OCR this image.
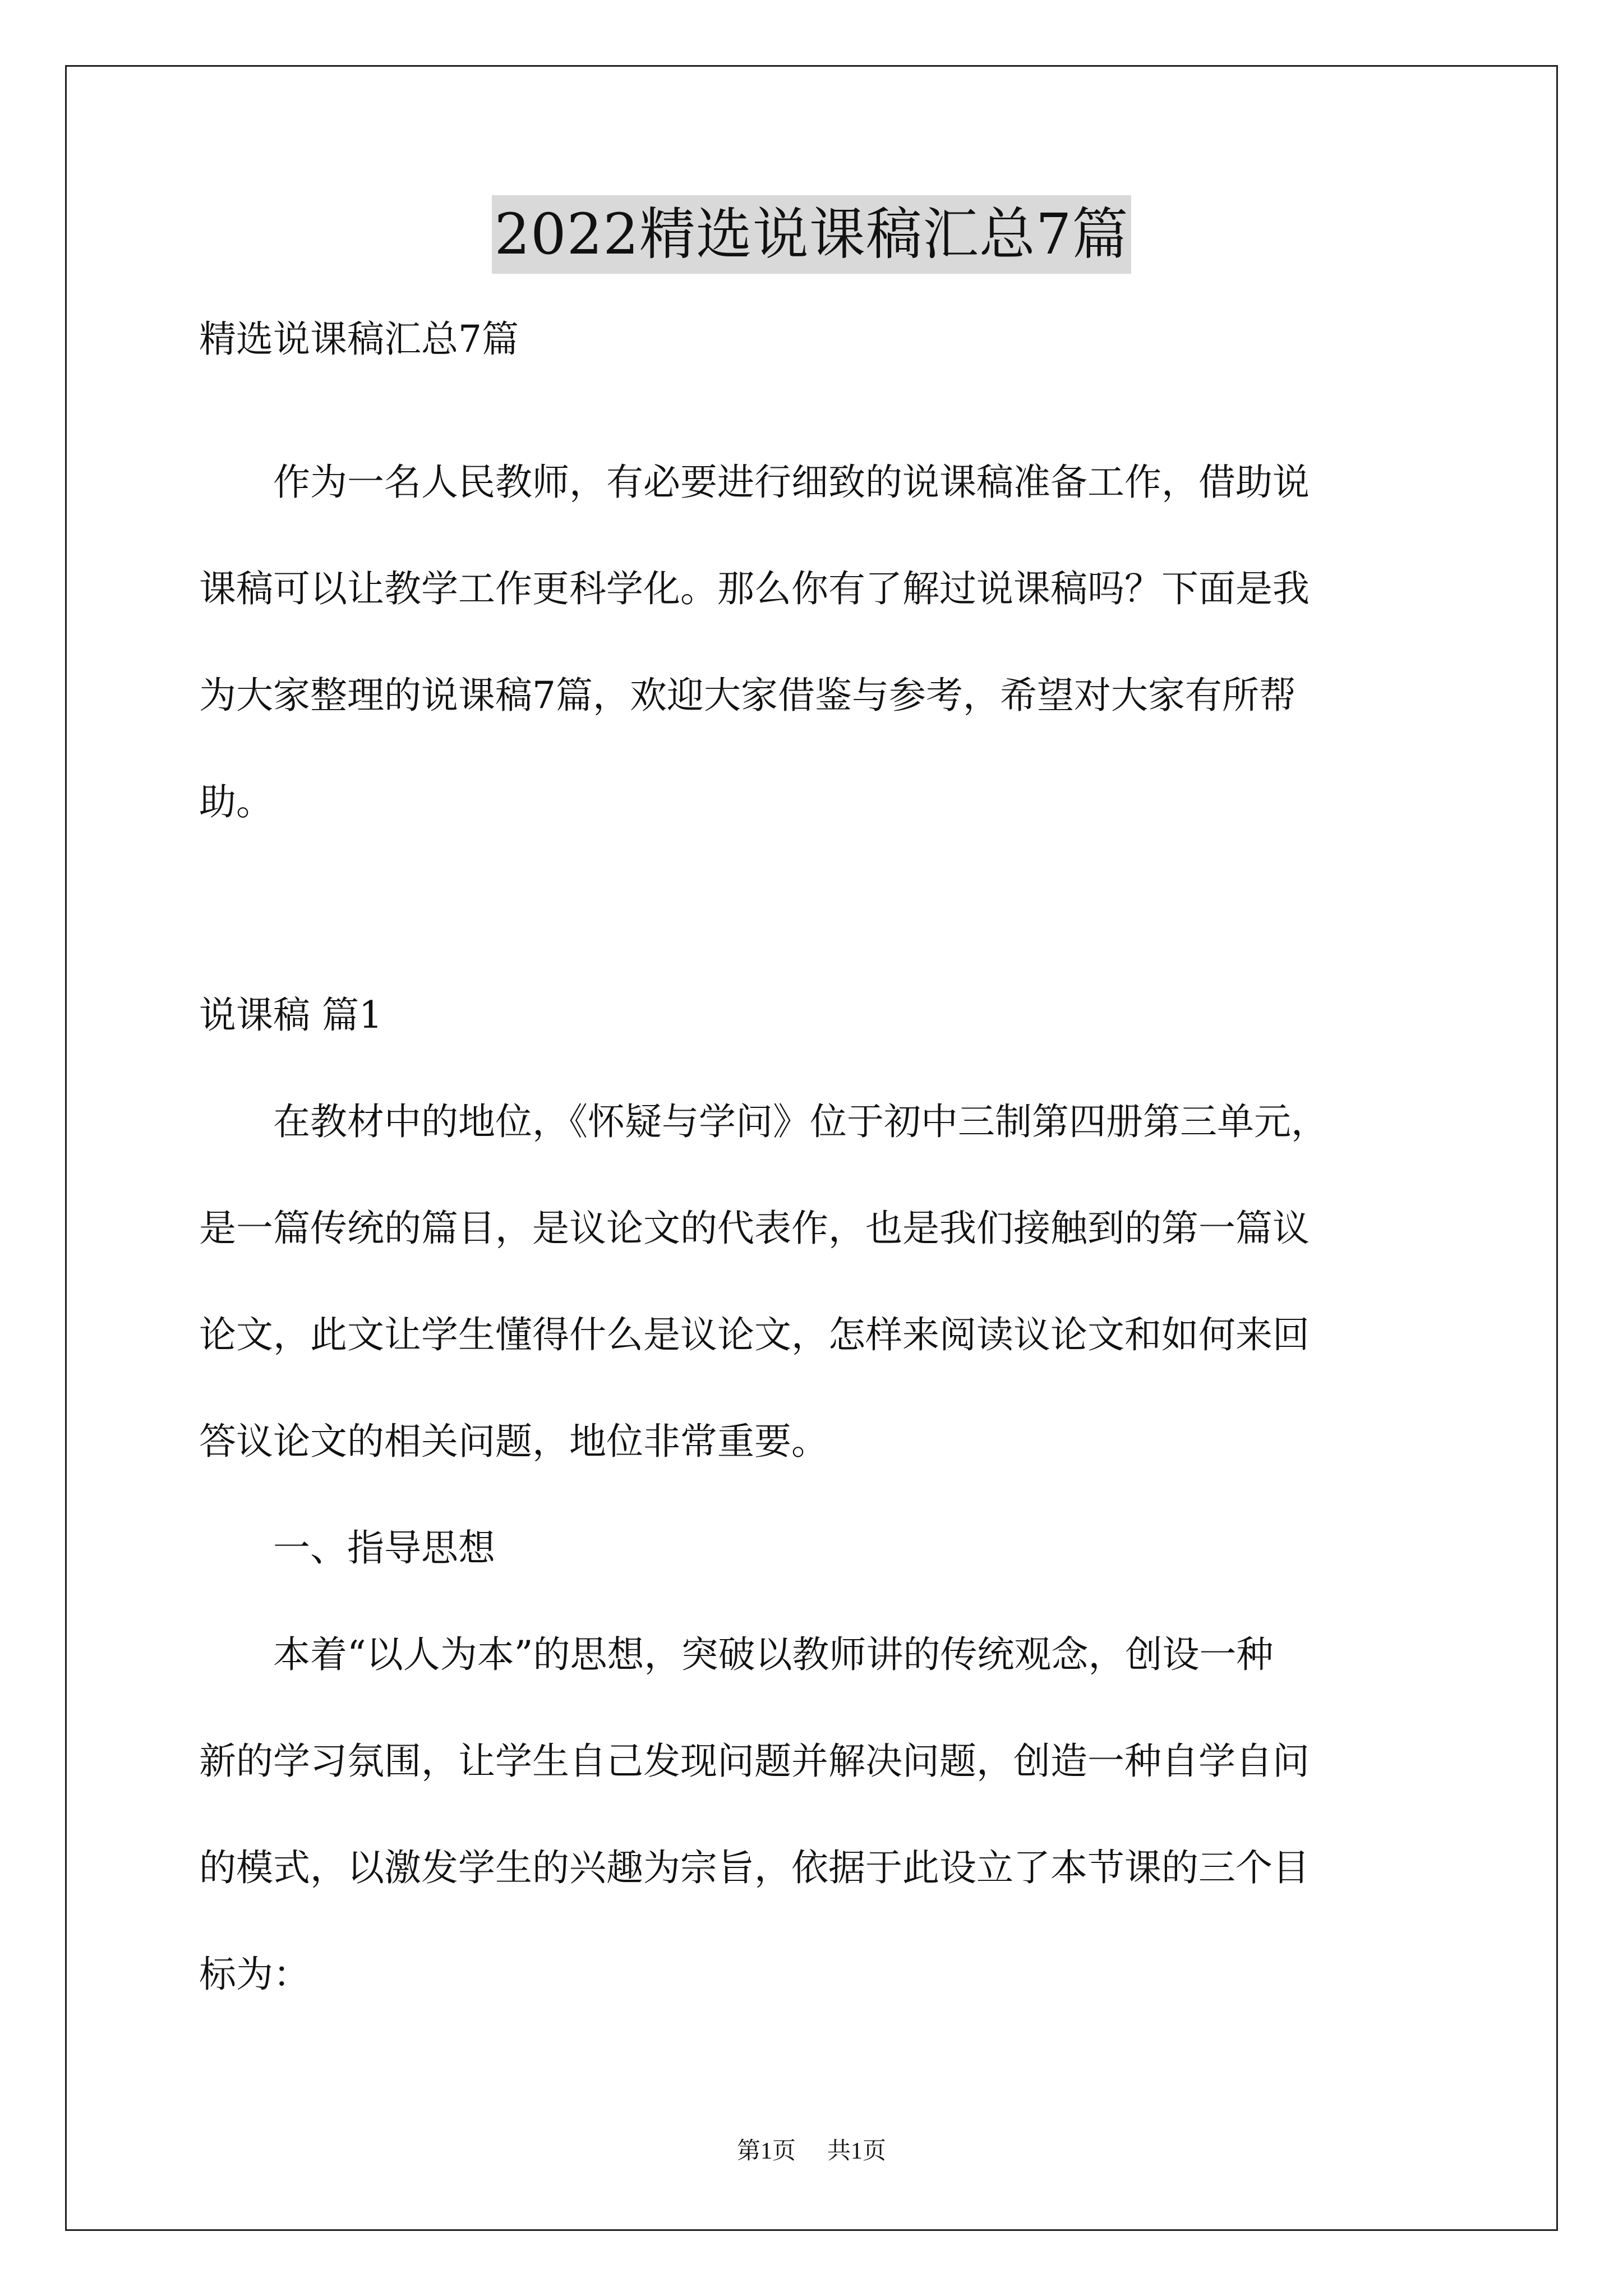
2022精选说课稿汇总7篇
精选说课稿汇总7篇
　　作为一名人民教师，有必要进行细致的说课稿准备工作，借助说
课稿可以让教学工作更科学化。那么你有了解过说课稿吗？下面是我
为大家整理的说课稿7篇，欢迎大家借鉴与参考，希望对大家有所帮
助。
说课稿 篇1
　　在教材中的地位，《怀疑与学问》位于初中三制第四册第三单元，
是一篇传统的篇目，是议论文的代表作，也是我们接触到的第一篇议
论文，此文让学生懂得什么是议论文，怎样来阅读议论文和如何来回
答议论文的相关问题，地位非常重要。
　　一、指导思想
　　本着“以人为本”的思想，突破以教师讲的传统观念，创设一种
新的学习氛围，让学生自己发现问题并解决问题，创造一种自学自问
的模式，以激发学生的兴趣为宗旨，依据于此设立了本节课的三个目
标为：
第1页 共1页
